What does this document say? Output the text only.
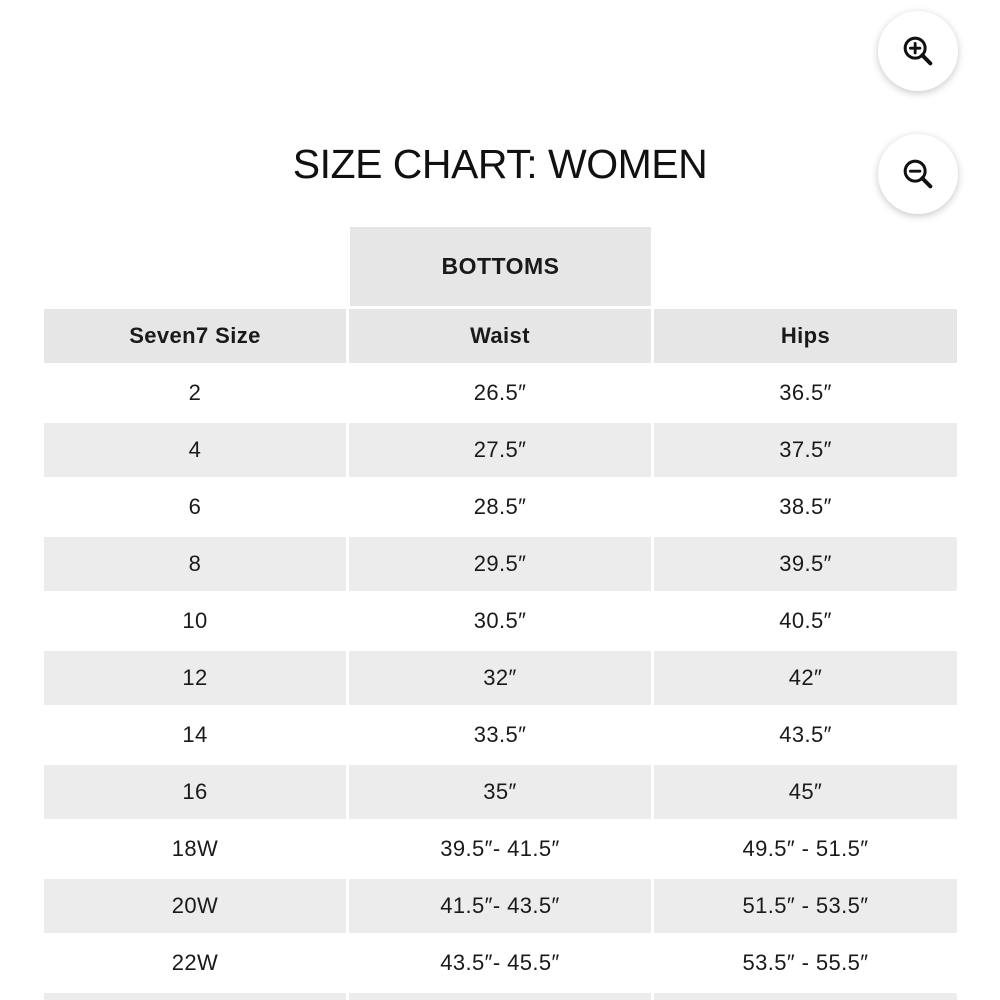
SIZE CHART: WOMEN
BOTTOMS
Seven7 Size	Waist	Hips
2	26.5″	36.5″
4	27.5″	37.5″
6	28.5″	38.5″
8	29.5″	39.5″
10	30.5″	40.5″
12	32″	42″
14	33.5″	43.5″
16	35″	45″
18W	39.5″- 41.5″	49.5″ - 51.5″
20W	41.5″- 43.5″	51.5″ - 53.5″
22W	43.5″- 45.5″	53.5″ - 55.5″
